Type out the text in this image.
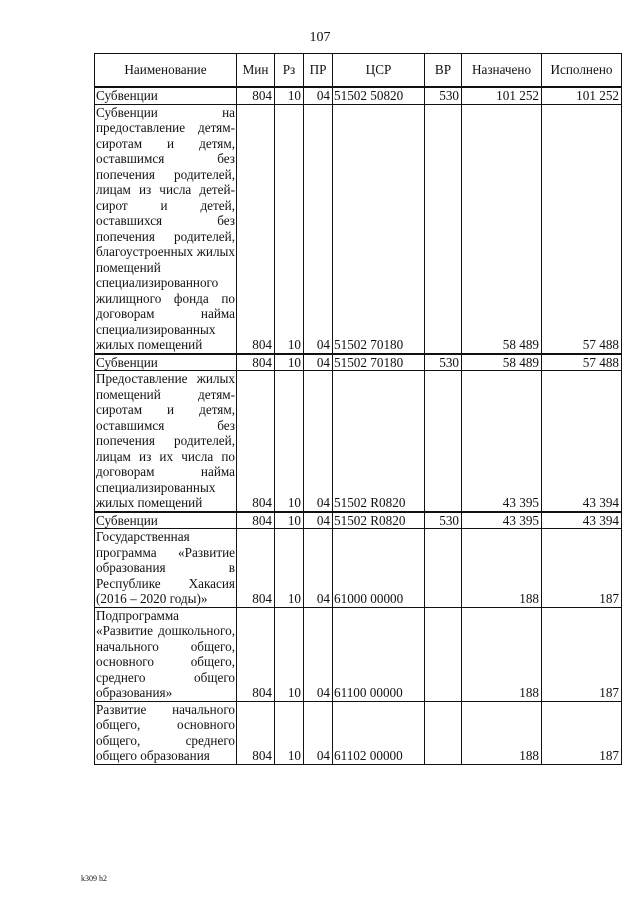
107
Наименование	Мин	Рз	ПР	ЦСР	ВР	Назначено	Исполнено
Субвенции	804	10	04	51502 50820	530	101 252	101 252
Субвенции на предоставление детям-сиротам и детям, оставшимся без попечения родителей, лицам из числа детей-сирот и детей, оставшихся без попечения родителей, благоустроенных жилых помещений специализированного жилищного фонда по договорам найма специализированных жилых помещений	804	10	04	51502 70180		58 489	57 488
Субвенции	804	10	04	51502 70180	530	58 489	57 488
Предоставление жилых помещений детям-сиротам и детям, оставшимся без попечения родителей, лицам из их числа по договорам найма специализированных жилых помещений	804	10	04	51502 R0820		43 395	43 394
Субвенции	804	10	04	51502 R0820	530	43 395	43 394
Государственная программа «Развитие образования в Республике Хакасия (2016 – 2020 годы)»	804	10	04	61000 00000		188	187
Подпрограмма «Развитие дошкольного, начального общего, основного общего, среднего общего образования»	804	10	04	61100 00000		188	187
Развитие начального общего, основного общего, среднего общего образования	804	10	04	61102 00000		188	187
k309 h2
